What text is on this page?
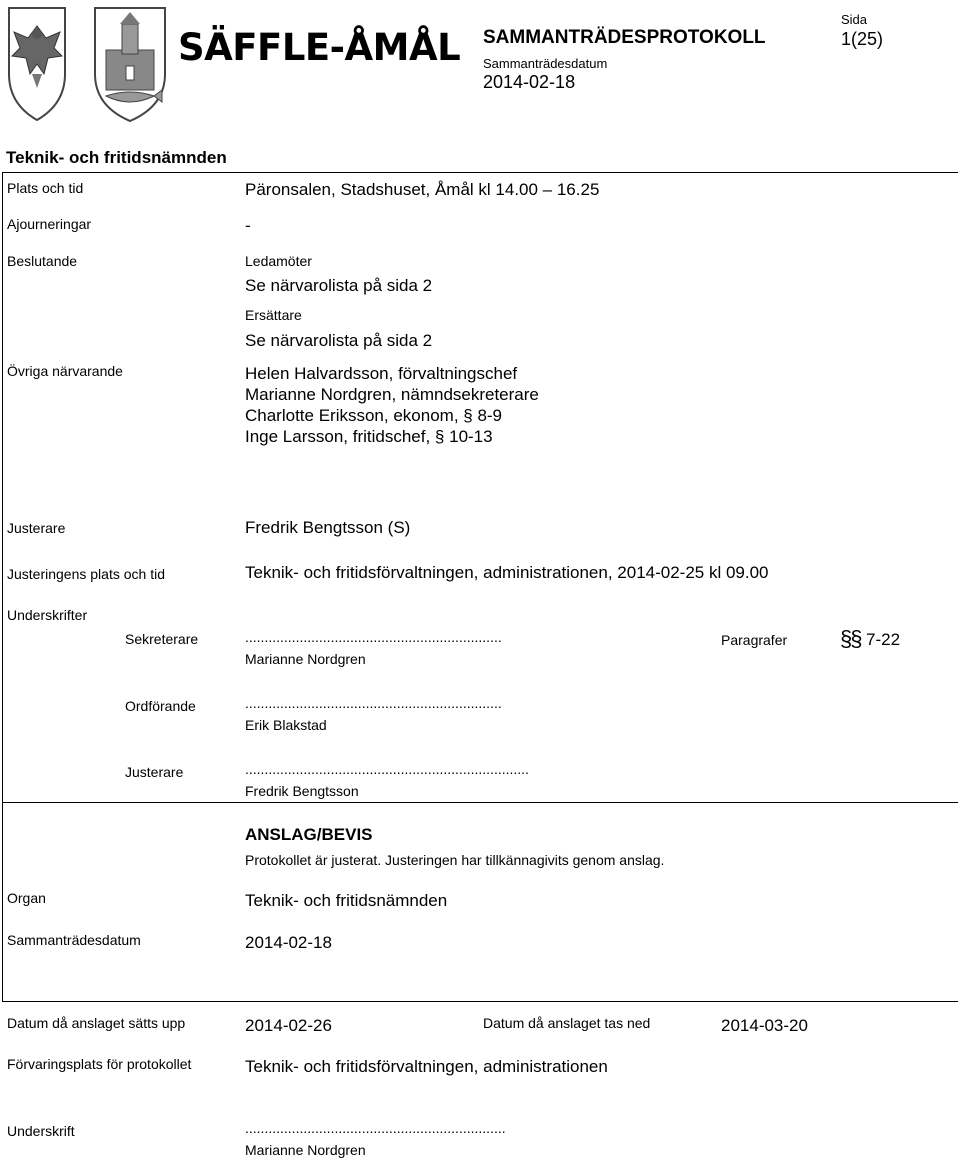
SÄFFLE-ÅMÅL SAMMANTRÄDESPROTOKOLL
Sammanträdesdatum
2014-02-18
Sida
1(25)
Teknik- och fritidsnämnden
Plats och tid	Päronsalen, Stadshuset, Åmål kl 14.00 – 16.25
Ajourneringar	-
Beslutande	Ledamöter
Se närvarolista på sida 2
Ersättare
Se närvarolista på sida 2
Övriga närvarande	Helen Halvardsson, förvaltningschef
Marianne Nordgren, nämndsekreterare
Charlotte Eriksson, ekonom, § 8-9
Inge Larsson, fritidschef, § 10-13
Justerare	Fredrik Bengtsson (S)
Justeringens plats och tid	Teknik- och fritidsförvaltningen, administrationen, 2014-02-25 kl 09.00
Underskrifter
Sekreterare	..................................................................
Marianne Nordgren
Paragrafer §§ 7-22
Ordförande	..................................................................
Erik Blakstad
Justerare	.........................................................................
Fredrik Bengtsson
ANSLAG/BEVIS
Protokollet är justerat. Justeringen har tillkännagivits genom anslag.
Organ	Teknik- och fritidsnämnden
Sammanträdesdatum	2014-02-18
Datum då anslaget sätts upp	2014-02-26	Datum då anslaget tas ned	2014-03-20
Förvaringsplats för protokollet	Teknik- och fritidsförvaltningen, administrationen
Underskrift	...................................................................
Marianne Nordgren
